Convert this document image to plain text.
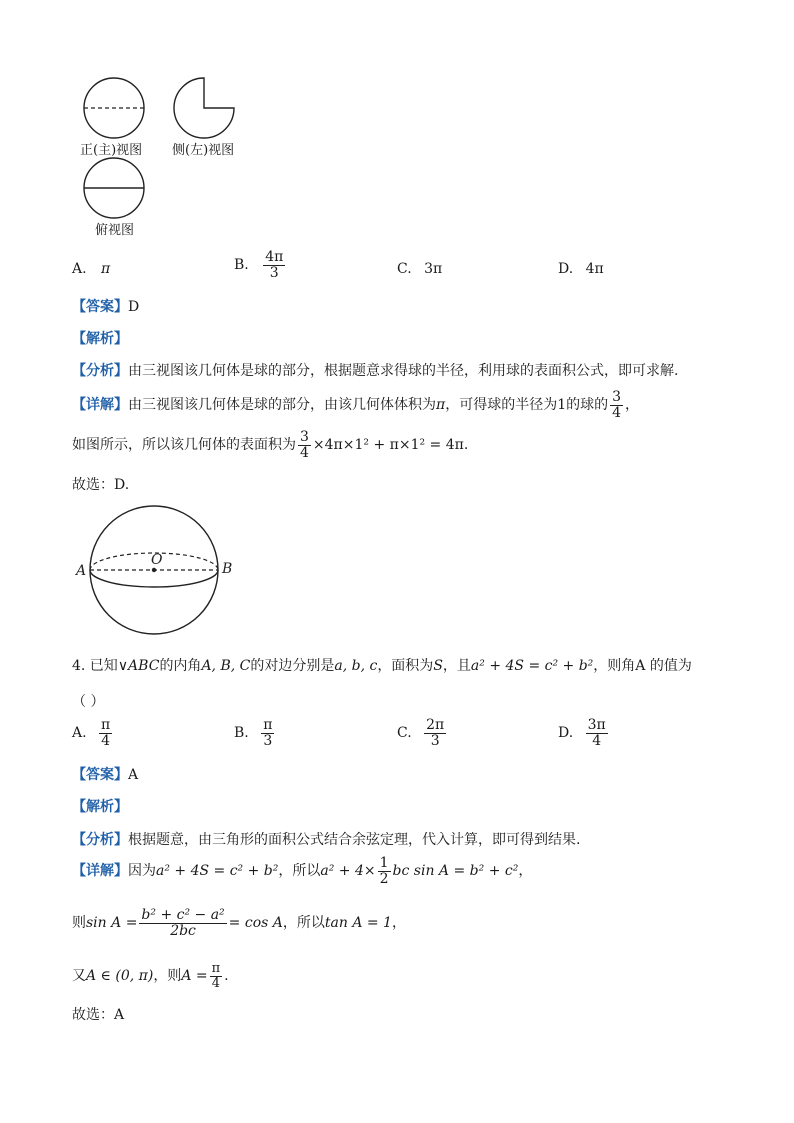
正(主)视图 侧(左)视图
俯视图
A. π	B. $\frac{4\pi}{3}$	C. 3π	D. 4π
【答案】D
【解析】
【分析】由三视图该几何体是球的部分，根据题意求得球的半径，利用球的表面积公式，即可求解.
【详解】由三视图该几何体是球的部分，由该几何体体积为π，可得球的半径为1的球的 $\frac{3}{4}$ ，
如图所示，所以该几何体的表面积为 $\frac{3}{4} \times 4\pi\times 1^2 + \pi\times 1^2 = 4\pi$.
故选：D.
A	B
O
4. 已知∨ABC的内角A, B, C的对边分别是a, b, c，面积为S，且a² + 4S = c² + b²，则角A 的值为
（ ）
A. $\frac{\pi}{4}$	B. $\frac{\pi}{3}$	C. $\frac{2\pi}{3}$	D. $\frac{3\pi}{4}$
【答案】A
【解析】
【分析】根据题意，由三角形的面积公式结合余弦定理，代入计算，即可得到结果.
【详解】因为a² + 4S = c² + b²，所以$a^2 + 4\times \frac{1}{2}$ bc sin A = b² + c²，
则$\sin A = \frac{\text{b² + c² − a²}}{2bc} = \cos A$，所以tan A = 1，
又A ∈ (0, π)，则$A = \frac{\pi}{4}$ .
故选：A
